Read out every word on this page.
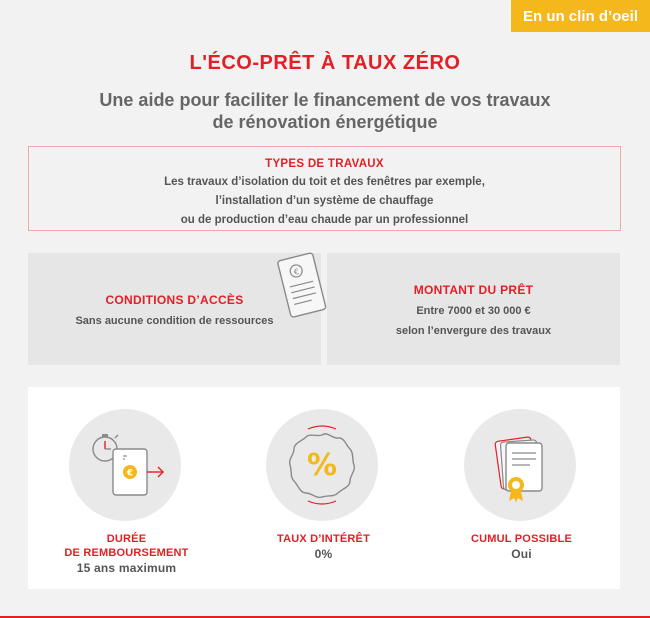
En un clin d’oeil
L'ÉCO-PRÊT À TAUX ZÉRO
Une aide pour faciliter le financement de vos travaux
de rénovation énergétique
TYPES DE TRAVAUX
Les travaux d’isolation du toit et des fenêtres par exemple,
l’installation d’un système de chauffage
ou de production d’eau chaude par un professionnel
CONDITIONS D’ACCÈS
Sans aucune condition de ressources
MONTANT DU PRÊT
Entre 7000 et 30 000 €
selon l’envergure des travaux
€
€
DURÉE
DE REMBOURSEMENT
15 ans maximum
%
TAUX D’INTÉRÊT
0%
CUMUL POSSIBLE
Oui
